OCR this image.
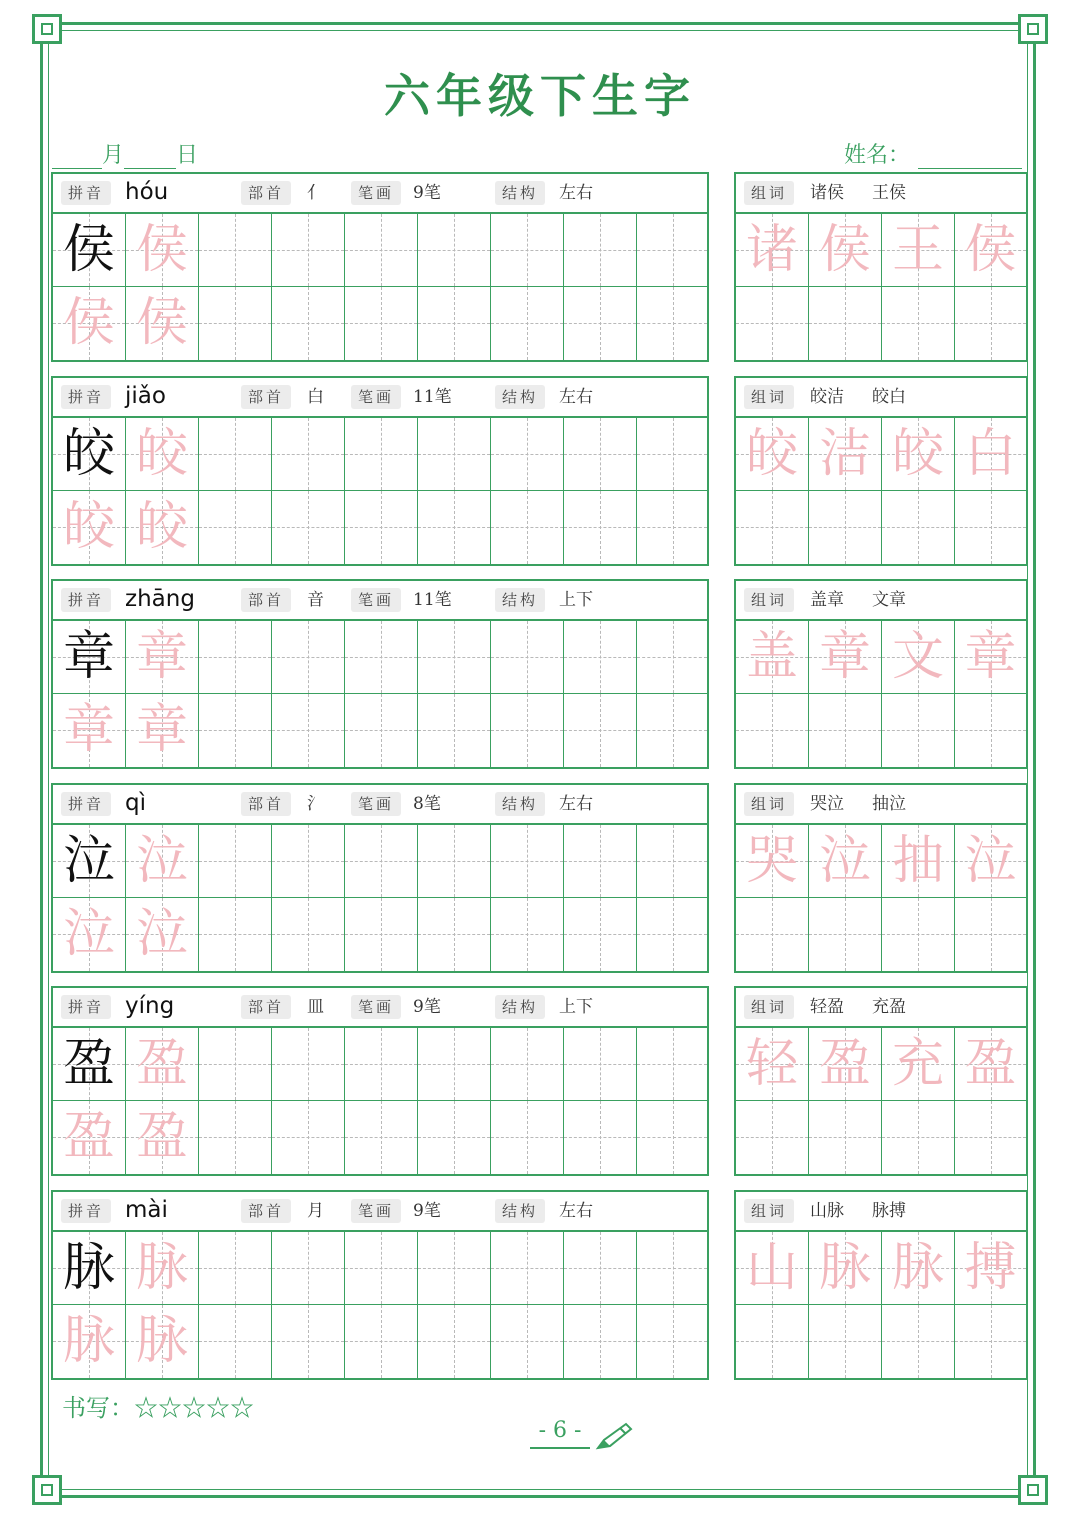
六年级下生字
月 日	姓名：
拼音 hóu	部首	亻	笔画	9笔	结构	左右
侯 侯
侯 侯
组词	诸侯 王侯
诸 侯 王 侯
拼音 jiǎo	部首	白	笔画	11笔	结构	左右
皎 皎
皎 皎
组词	皎洁 皎白
皎 洁 皎 白
拼音 zhāng	部首	音	笔画	11笔	结构	上下
章 章
章 章
组词	盖章 文章
盖 章 文 章
拼音 qì	部首	氵	笔画	8笔	结构	左右
泣 泣
泣 泣
组词	哭泣 抽泣
哭 泣 抽 泣
拼音 yíng	部首	皿	笔画	9笔	结构	上下
盈 盈
盈 盈
组词	轻盈 充盈
轻 盈 充 盈
拼音 mài	部首	月	笔画	9笔	结构	左右
脉 脉
脉 脉
组词	山脉 脉搏
山 脉 脉 搏
书写：☆☆☆☆☆
- 6 -
